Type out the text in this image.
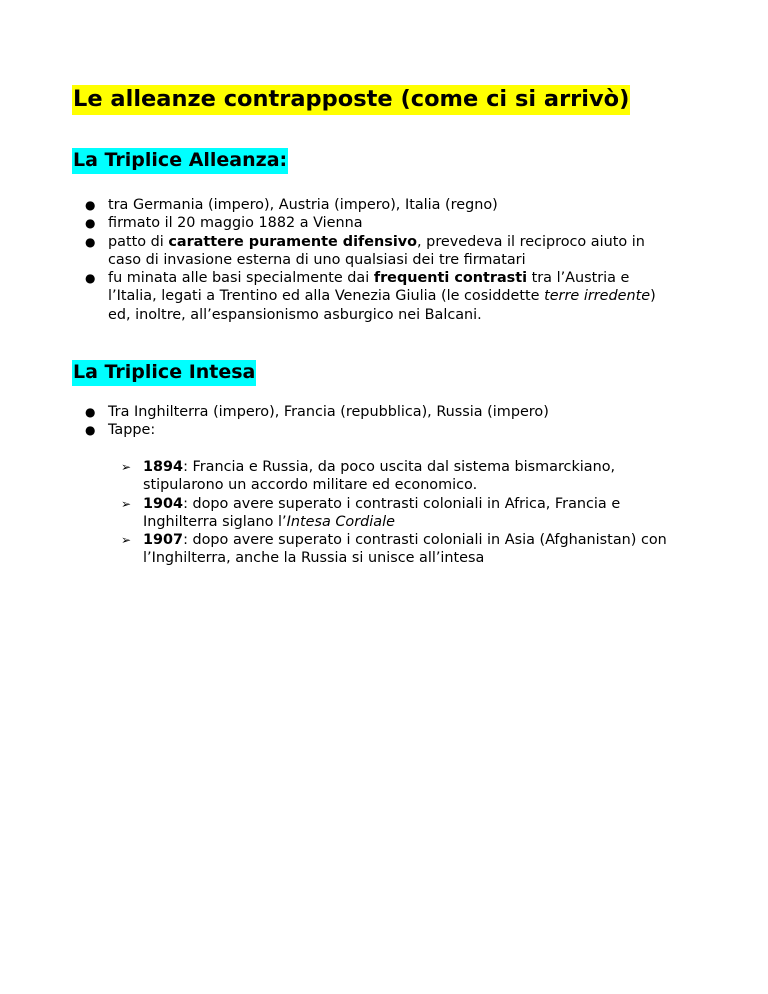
Le alleanze contrapposte (come ci si arrivò)
La Triplice Alleanza:
● tra Germania (impero), Austria (impero), Italia (regno)
● firmato il 20 maggio 1882 a Vienna
● patto di carattere puramente difensivo, prevedeva il reciproco aiuto in caso di invasione esterna di uno qualsiasi dei tre firmatari
● fu minata alle basi specialmente dai frequenti contrasti tra l’Austria e l’Italia, legati a Trentino ed alla Venezia Giulia (le cosiddette terre irredente) ed, inoltre, all’espansionismo asburgico nei Balcani.
La Triplice Intesa
● Tra Inghilterra (impero), Francia (repubblica), Russia (impero)
● Tappe:
➢ 1894: Francia e Russia, da poco uscita dal sistema bismarckiano, stipularono un accordo militare ed economico.
➢ 1904: dopo avere superato i contrasti coloniali in Africa, Francia e Inghilterra siglano l’Intesa Cordiale
➢ 1907: dopo avere superato i contrasti coloniali in Asia (Afghanistan) con l’Inghilterra, anche la Russia si unisce all’intesa
